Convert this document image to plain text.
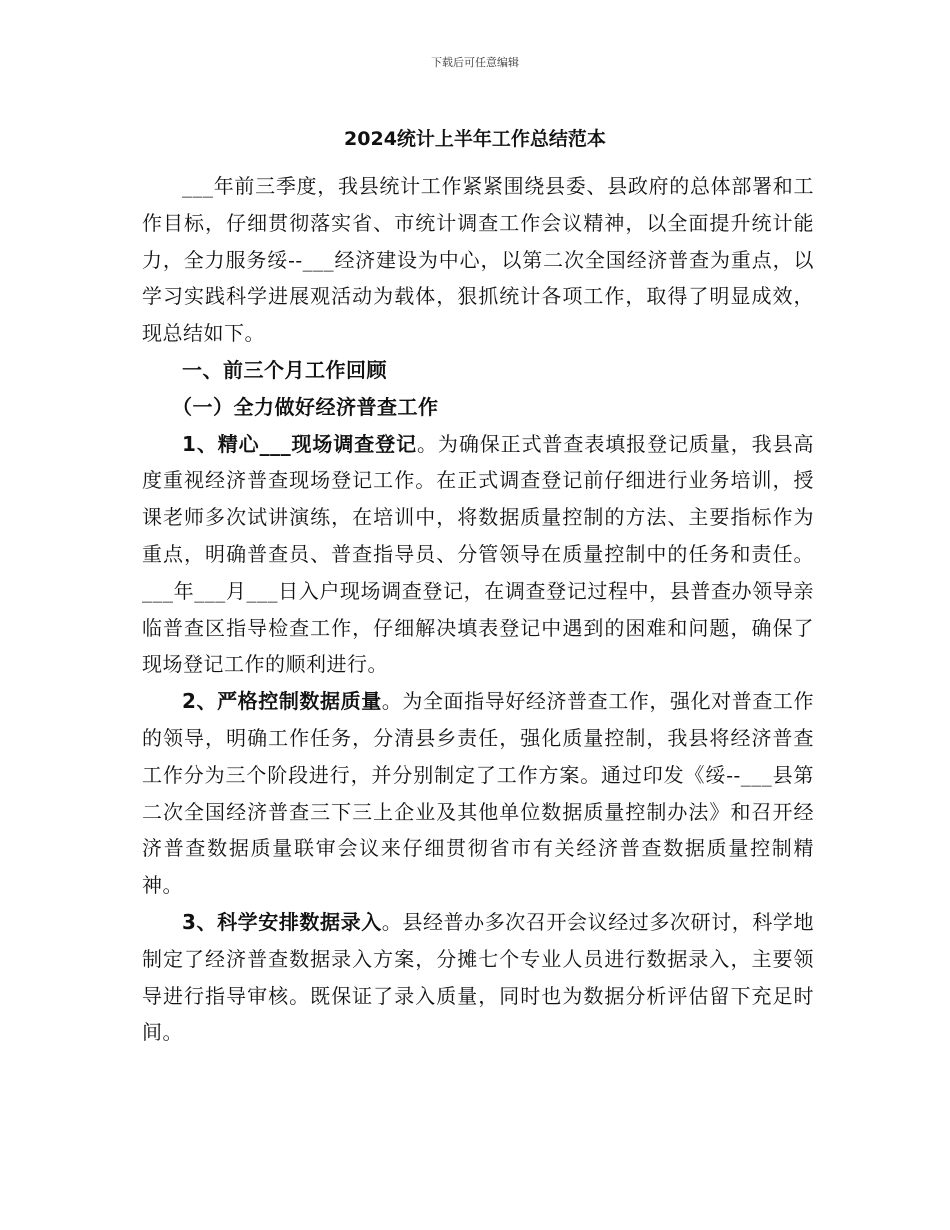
下载后可任意编辑
2024统计上半年工作总结范本

___年前三季度，我县统计工作紧紧围绕县委、县政府的总体部署和工作目标，仔细贯彻落实省、市统计调查工作会议精神，以全面提升统计能力，全力服务绥--___经济建设为中心，以第二次全国经济普查为重点，以学习实践科学进展观活动为载体，狠抓统计各项工作，取得了明显成效，现总结如下。

一、前三个月工作回顾

（一）全力做好经济普查工作

1、精心___现场调查登记。为确保正式普查表填报登记质量，我县高度重视经济普查现场登记工作。在正式调查登记前仔细进行业务培训，授课老师多次试讲演练，在培训中，将数据质量控制的方法、主要指标作为重点，明确普查员、普查指导员、分管领导在质量控制中的任务和责任。___年___月___日入户现场调查登记，在调查登记过程中，县普查办领导亲临普查区指导检查工作，仔细解决填表登记中遇到的困难和问题，确保了现场登记工作的顺利进行。

2、严格控制数据质量。为全面指导好经济普查工作，强化对普查工作的领导，明确工作任务，分清县乡责任，强化质量控制，我县将经济普查工作分为三个阶段进行，并分别制定了工作方案。通过印发《绥--___县第二次全国经济普查三下三上企业及其他单位数据质量控制办法》和召开经济普查数据质量联审会议来仔细贯彻省市有关经济普查数据质量控制精神。

3、科学安排数据录入。县经普办多次召开会议经过多次研讨，科学地制定了经济普查数据录入方案，分摊七个专业人员进行数据录入，主要领导进行指导审核。既保证了录入质量，同时也为数据分析评估留下充足时间。
